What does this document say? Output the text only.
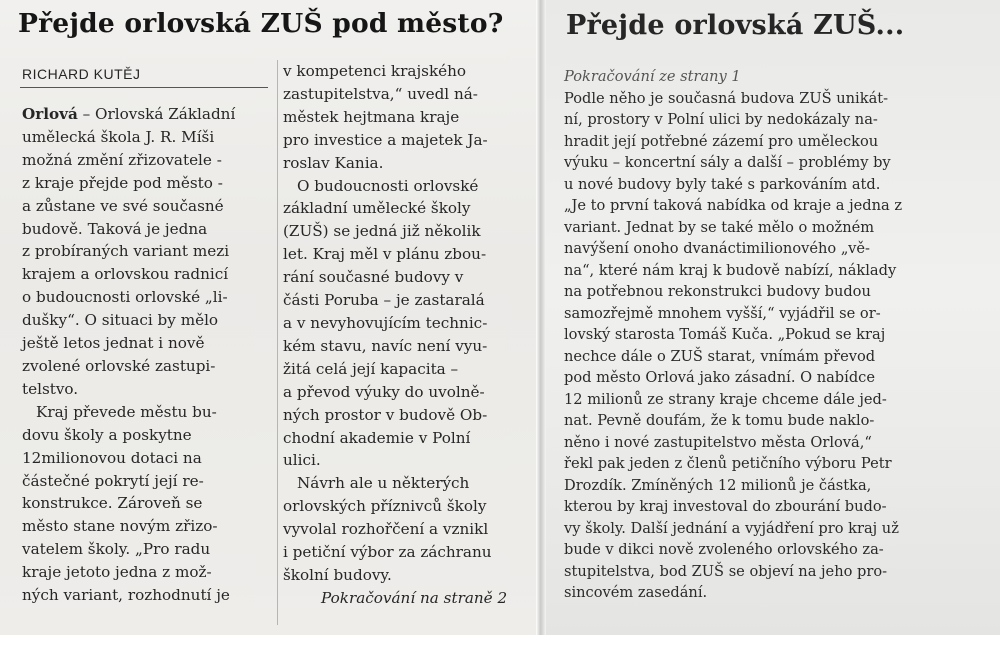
Přejde orlovská ZUŠ pod město?
RICHARD KUTĚJ
Orlová – Orlovská Základní
umělecká škola J. R. Míši
možná změní zřizovatele -
z kraje přejde pod město -
a zůstane ve své současné
budově. Taková je jedna
z probíraných variant mezi
krajem a orlovskou radnicí
o budoucnosti orlovské „li-
dušky“. O situaci by mělo
ještě letos jednat i nově
zvolené orlovské zastupi-
telstvo.
Kraj převede městu bu-
dovu školy a poskytne
12milionovou dotaci na
částečné pokrytí její re-
konstrukce. Zároveň se
město stane novým zřizo-
vatelem školy. „Pro radu
kraje jetoto jedna z mož-
ných variant, rozhodnutí je
v kompetenci krajského
zastupitelstva,“ uvedl ná-
městek hejtmana kraje
pro investice a majetek Ja-
roslav Kania.
O budoucnosti orlovské
základní umělecké školy
(ZUŠ) se jedná již několik
let. Kraj měl v plánu zbou-
rání současné budovy v
části Poruba – je zastaralá
a v nevyhovujícím technic-
kém stavu, navíc není vyu-
žitá celá její kapacita –
a převod výuky do uvolně-
ných prostor v budově Ob-
chodní akademie v Polní
ulici.
Návrh ale u některých
orlovských příznivců školy
vyvolal rozhořčení a vznikl
i petiční výbor za záchranu
školní budovy.
Pokračování na straně 2
Přejde orlovská ZUŠ...
Pokračování ze strany 1
Podle něho je současná budova ZUŠ unikát-
ní, prostory v Polní ulici by nedokázaly na-
hradit její potřebné zázemí pro uměleckou
výuku – koncertní sály a další – problémy by
u nové budovy byly také s parkováním atd.
„Je to první taková nabídka od kraje a jedna z
variant. Jednat by se také mělo o možném
navýšení onoho dvanáctimilionového „vě-
na“, které nám kraj k budově nabízí, náklady
na potřebnou rekonstrukci budovy budou
samozřejmě mnohem vyšší,“ vyjádřil se or-
lovský starosta Tomáš Kuča. „Pokud se kraj
nechce dále o ZUŠ starat, vnímám převod
pod město Orlová jako zásadní. O nabídce
12 milionů ze strany kraje chceme dále jed-
nat. Pevně doufám, že k tomu bude naklo-
něno i nové zastupitelstvo města Orlová,“
řekl pak jeden z členů petičního výboru Petr
Drozdík. Zmíněných 12 milionů je částka,
kterou by kraj investoval do zbourání budo-
vy školy. Další jednání a vyjádření pro kraj už
bude v dikci nově zvoleného orlovského za-
stupitelstva, bod ZUŠ se objeví na jeho pro-
sincovém zasedání.
